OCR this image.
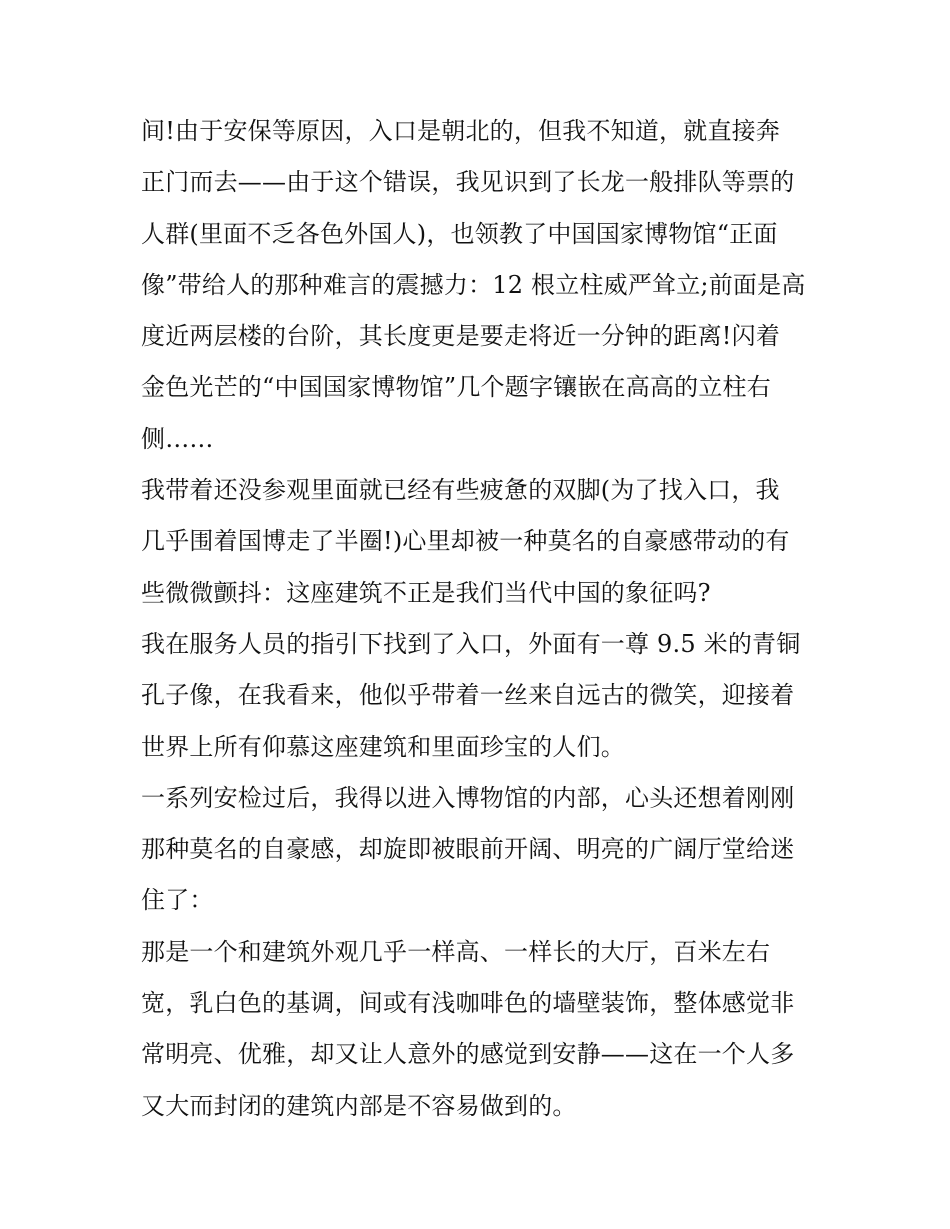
间!由于安保等原因，入口是朝北的，但我不知道，就直接奔
正门而去——由于这个错误，我见识到了长龙一般排队等票的
人群(里面不乏各色外国人)，也领教了中国国家博物馆“正面
像”带给人的那种难言的震撼力：12 根立柱威严耸立;前面是高
度近两层楼的台阶，其长度更是要走将近一分钟的距离!闪着
金色光芒的“中国国家博物馆”几个题字镶嵌在高高的立柱右
侧……
我带着还没参观里面就已经有些疲惫的双脚(为了找入口，我
几乎围着国博走了半圈!)心里却被一种莫名的自豪感带动的有
些微微颤抖：这座建筑不正是我们当代中国的象征吗?
我在服务人员的指引下找到了入口，外面有一尊 9.5 米的青铜
孔子像，在我看来，他似乎带着一丝来自远古的微笑，迎接着
世界上所有仰慕这座建筑和里面珍宝的人们。
一系列安检过后，我得以进入博物馆的内部，心头还想着刚刚
那种莫名的自豪感，却旋即被眼前开阔、明亮的广阔厅堂给迷
住了：
那是一个和建筑外观几乎一样高、一样长的大厅，百米左右
宽，乳白色的基调，间或有浅咖啡色的墙壁装饰，整体感觉非
常明亮、优雅，却又让人意外的感觉到安静——这在一个人多
又大而封闭的建筑内部是不容易做到的。
